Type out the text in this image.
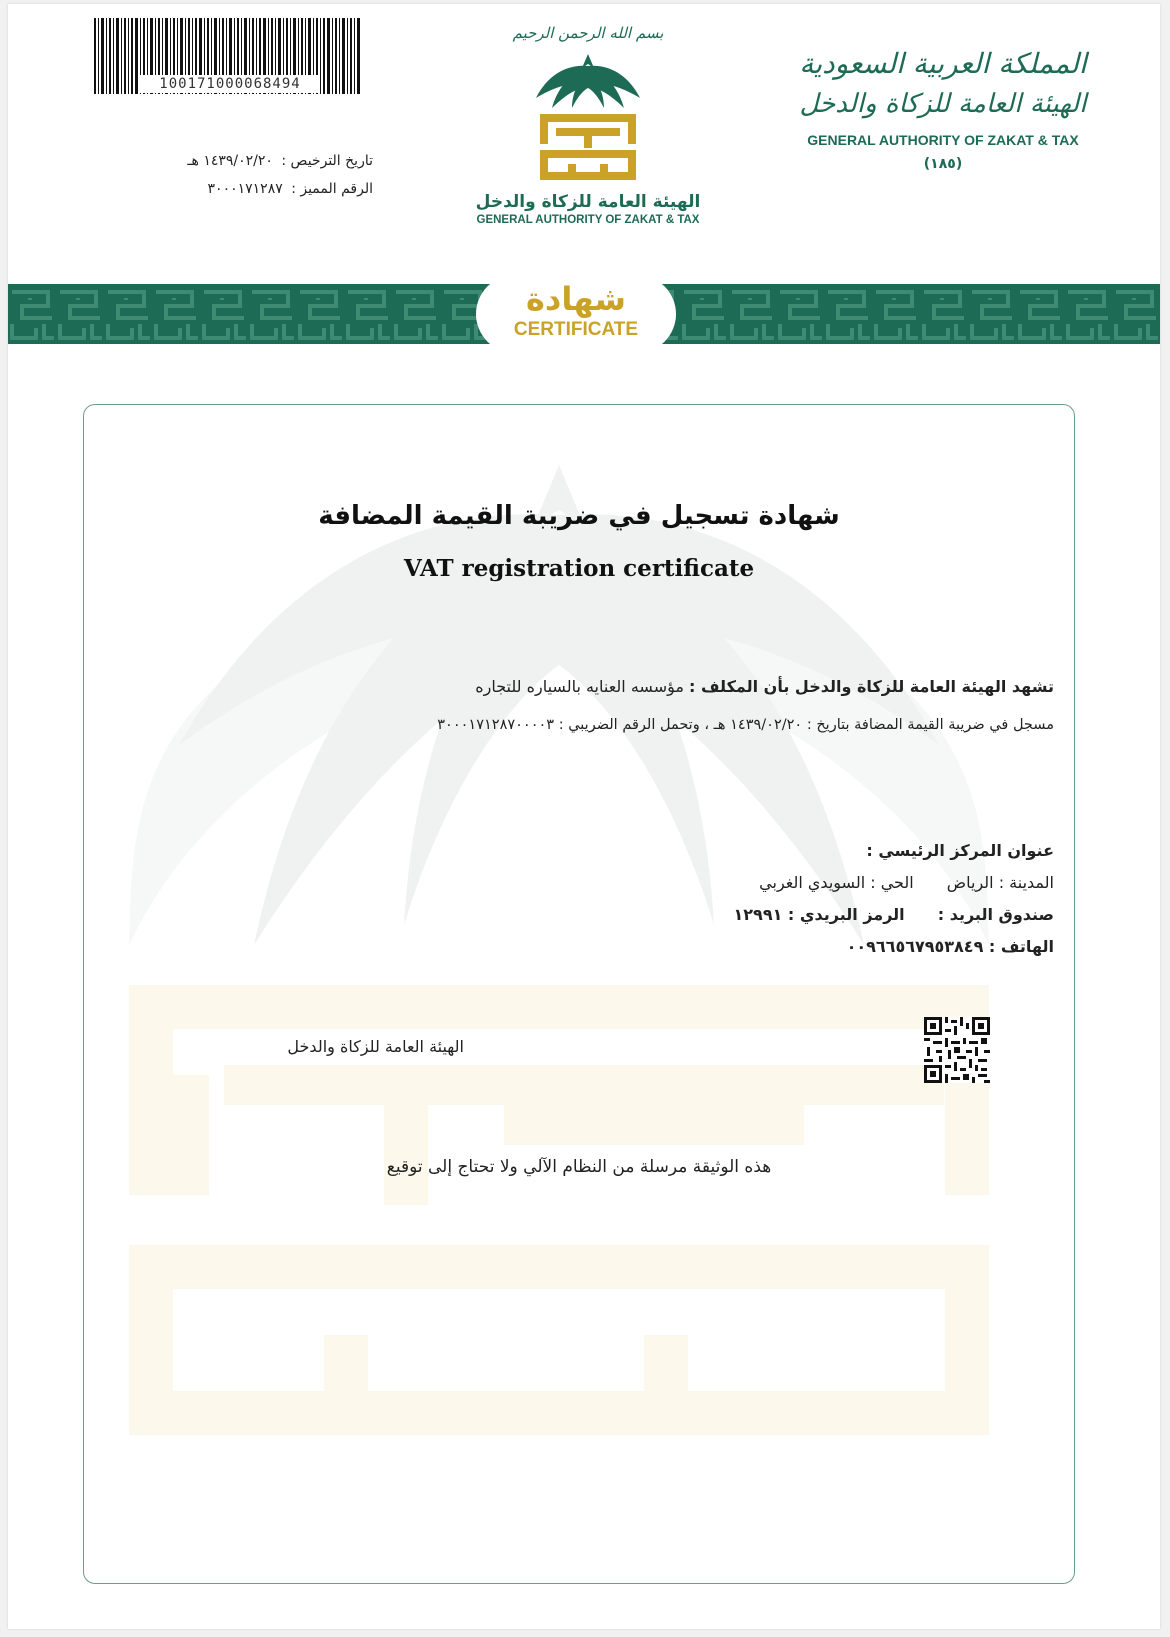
100171000068494
تاريخ الترخيص : ١٤٣٩/٠٢/٢٠ هـ
الرقم المميز : ٣٠٠٠١٧١٢٨٧
بسم الله الرحمن الرحيم
الهيئة العامة للزكاة والدخل
GENERAL AUTHORITY OF ZAKAT & TAX
المملكة العربية السعودية
الهيئة العامة للزكاة والدخل
GENERAL AUTHORITY OF ZAKAT & TAX
(١٨٥)
شهادة
CERTIFICATE
شهادة تسجيل في ضريبة القيمة المضافة
VAT registration certificate
تشهد الهيئة العامة للزكاة والدخل بأن المكلف : مؤسسه العنايه بالسياره للتجاره
مسجل في ضريبة القيمة المضافة بتاريخ : ١٤٣٩/٠٢/٢٠ هـ ، وتحمل الرقم الضريبي : ٣٠٠٠١٧١٢٨٧٠٠٠٠٣
عنوان المركز الرئيسي :
المدينة : الرياض الحي : السويدي الغربي
صندوق البريد : الرمز البريدي : ١٢٩٩١
الهاتف : ٠٠٩٦٦٥٦٧٩٥٣٨٤٩
الهيئة العامة للزكاة والدخل
هذه الوثيقة مرسلة من النظام الآلي ولا تحتاج إلى توقيع
